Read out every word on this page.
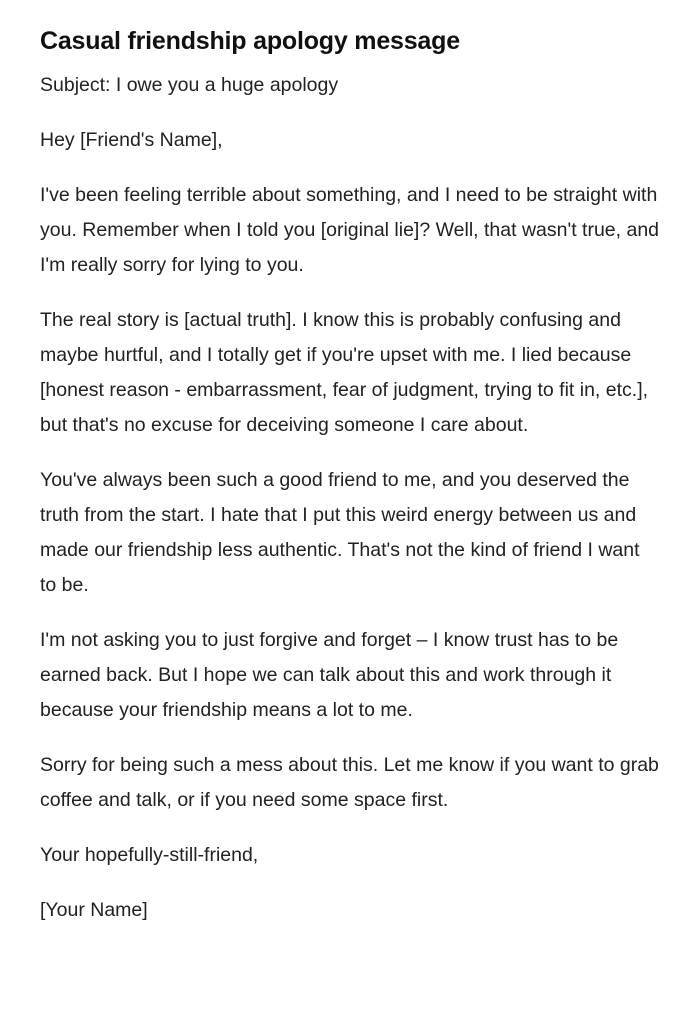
Casual friendship apology message

Subject: I owe you a huge apology

Hey [Friend's Name],

I've been feeling terrible about something, and I need to be straight with you. Remember when I told you [original lie]? Well, that wasn't true, and I'm really sorry for lying to you.

The real story is [actual truth]. I know this is probably confusing and maybe hurtful, and I totally get if you're upset with me. I lied because [honest reason - embarrassment, fear of judgment, trying to fit in, etc.], but that's no excuse for deceiving someone I care about.

You've always been such a good friend to me, and you deserved the truth from the start. I hate that I put this weird energy between us and made our friendship less authentic. That's not the kind of friend I want to be.

I'm not asking you to just forgive and forget – I know trust has to be earned back. But I hope we can talk about this and work through it because your friendship means a lot to me.

Sorry for being such a mess about this. Let me know if you want to grab coffee and talk, or if you need some space first.

Your hopefully-still-friend,

[Your Name]
